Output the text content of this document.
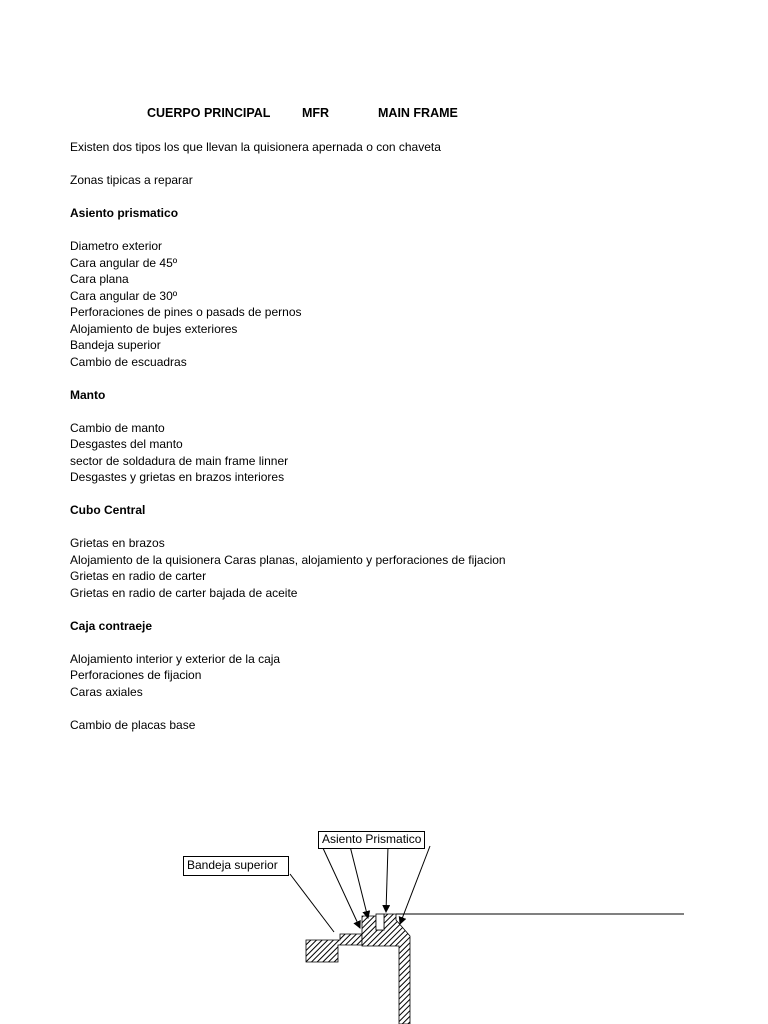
CUERPO PRINCIPAL	MFR	MAIN FRAME
Existen dos tipos los que llevan la quisionera apernada o con chaveta
Zonas tipicas a reparar
Asiento prismatico
Diametro exterior
Cara angular de 45º
Cara plana
Cara angular de 30º
Perforaciones de pines o pasads de pernos
Alojamiento de bujes exteriores
Bandeja superior
Cambio de escuadras
Manto
Cambio de manto
Desgastes del manto
sector de soldadura de main frame linner
Desgastes y grietas en brazos interiores
Cubo Central
Grietas en brazos
Alojamiento de la quisionera Caras planas, alojamiento y perforaciones de fijacion
Grietas en radio de carter
Grietas en radio de carter bajada de aceite
Caja contraeje
Alojamiento interior y exterior de la caja
Perforaciones de fijacion
Caras axiales
Cambio de placas base
Asiento Prismatico
Bandeja superior
